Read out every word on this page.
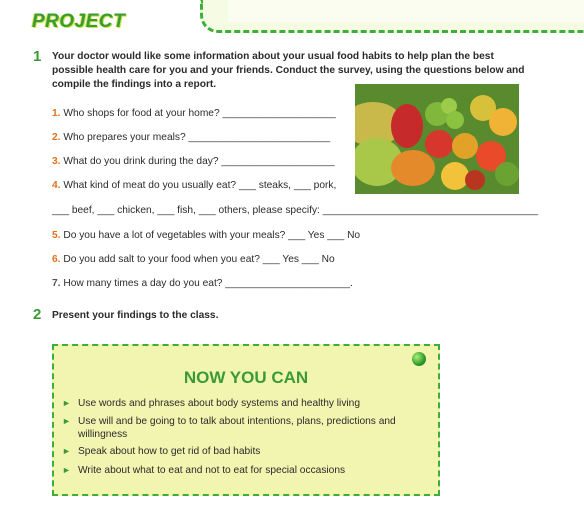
PROJECT
1 Your doctor would like some information about your usual food habits to help plan the best possible health care for you and your friends. Conduct the survey, using the questions below and compile the findings into a report.
1. Who shops for food at your home? ____________________
2. Who prepares your meals? _________________________
3. What do you drink during the day? ____________________
4. What kind of meat do you usually eat? ___ steaks, ___ pork,
___ beef, ___ chicken, ___ fish, ___ others, please specify: ______________________________________
5. Do you have a lot of vegetables with your meals? ___ Yes ___ No
6. Do you add salt to your food when you eat? ___ Yes ___ No
7. How many times a day do you eat? ______________________.
2 Present your findings to the class.
NOW YOU CAN
► Use words and phrases about body systems and healthy living
► Use will and be going to to talk about intentions, plans, predictions and willingness
► Speak about how to get rid of bad habits
► Write about what to eat and not to eat for special occasions
